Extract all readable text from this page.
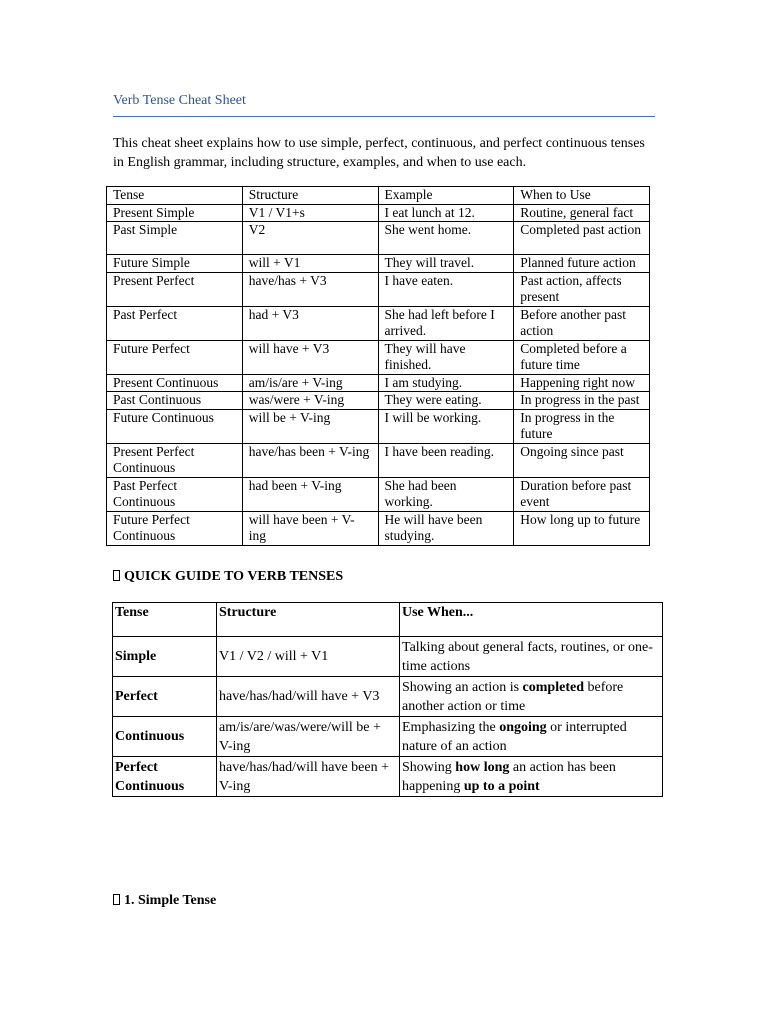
Verb Tense Cheat Sheet
This cheat sheet explains how to use simple, perfect, continuous, and perfect continuous tenses in English grammar, including structure, examples, and when to use each.
Tense	Structure	Example	When to Use
Present Simple	V1 / V1+s	I eat lunch at 12.	Routine, general fact
Past Simple	V2	She went home.	Completed past action
Future Simple	will + V1	They will travel.	Planned future action
Present Perfect	have/has + V3	I have eaten.	Past action, affects present
Past Perfect	had + V3	She had left before I arrived.	Before another past action
Future Perfect	will have + V3	They will have finished.	Completed before a future time
Present Continuous	am/is/are + V-ing	I am studying.	Happening right now
Past Continuous	was/were + V-ing	They were eating.	In progress in the past
Future Continuous	will be + V-ing	I will be working.	In progress in the future
Present Perfect Continuous	have/has been + V-ing	I have been reading.	Ongoing since past
Past Perfect Continuous	had been + V-ing	She had been working.	Duration before past event
Future Perfect Continuous	will have been + V-ing	He will have been studying.	How long up to future
QUICK GUIDE TO VERB TENSES
Tense	Structure	Use When...
Simple	V1 / V2 / will + V1	Talking about general facts, routines, or one-time actions
Perfect	have/has/had/will have + V3	Showing an action is completed before another action or time
Continuous	am/is/are/was/were/will be + V-ing	Emphasizing the ongoing or interrupted nature of an action
Perfect Continuous	have/has/had/will have been + V-ing	Showing how long an action has been happening up to a point
1. Simple Tense
